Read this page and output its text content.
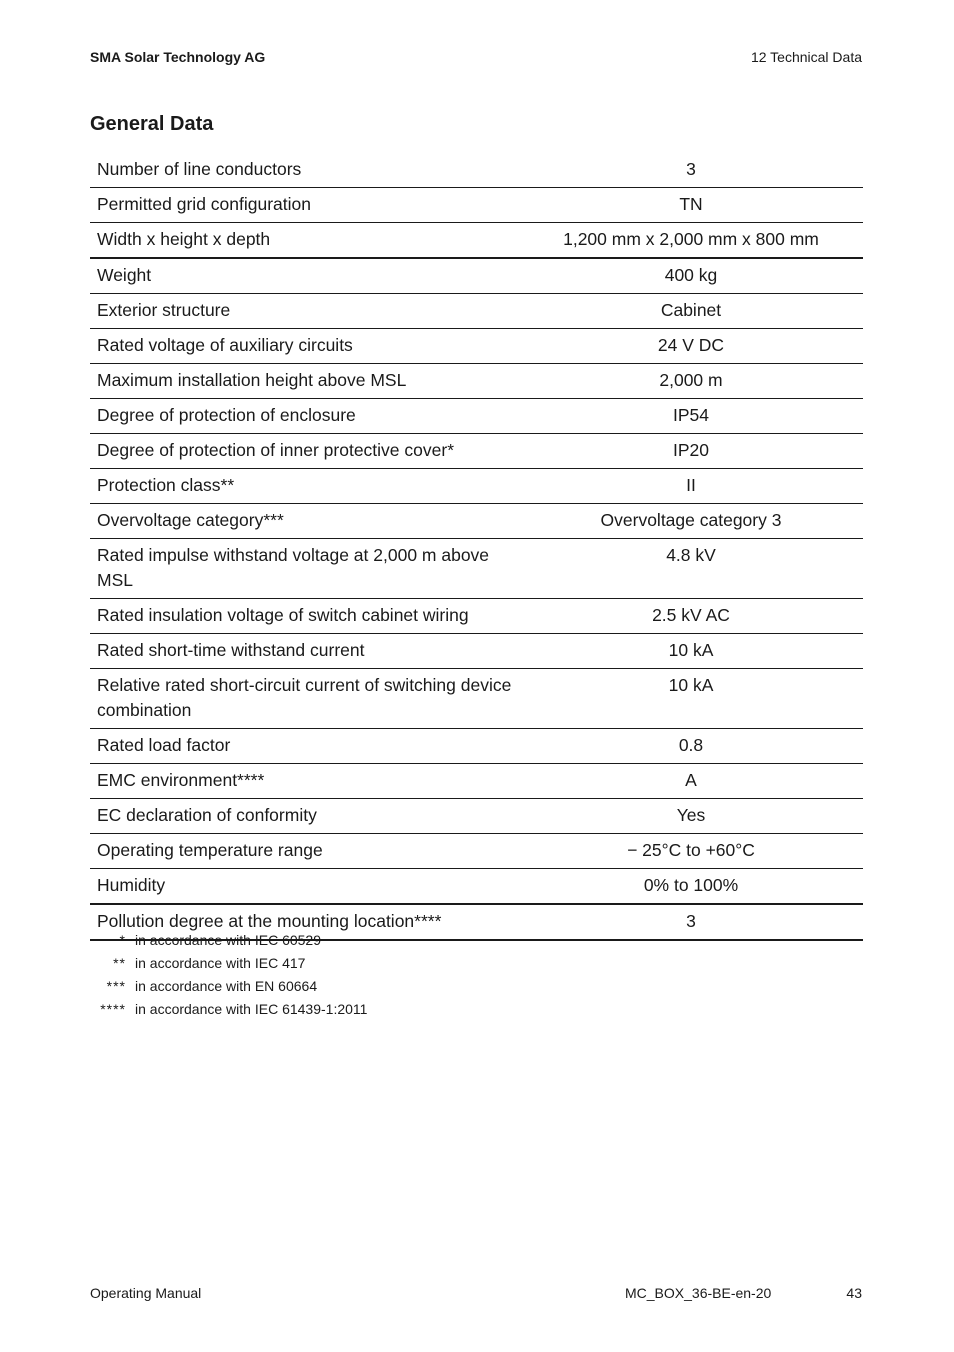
SMA Solar Technology AG	12 Technical Data
General Data
Number of line conductors	3
Permitted grid configuration	TN
Width x height x depth	1,200 mm x 2,000 mm x 800 mm
Weight	400 kg
Exterior structure	Cabinet
Rated voltage of auxiliary circuits	24 V DC
Maximum installation height above MSL	2,000 m
Degree of protection of enclosure	IP54
Degree of protection of inner protective cover*	IP20
Protection class**	II
Overvoltage category***	Overvoltage category 3
Rated impulse withstand voltage at 2,000 m above MSL	4.8 kV
Rated insulation voltage of switch cabinet wiring	2.5 kV AC
Rated short-time withstand current	10 kA
Relative rated short-circuit current of switching device combination	10 kA
Rated load factor	0.8
EMC environment****	A
EC declaration of conformity	Yes
Operating temperature range	− 25°C to +60°C
Humidity	0% to 100%
Pollution degree at the mounting location****	3
* in accordance with IEC 60529
** in accordance with IEC 417
*** in accordance with EN 60664
**** in accordance with IEC 61439-1:2011
Operating Manual	MC_BOX_36-BE-en-20	43
